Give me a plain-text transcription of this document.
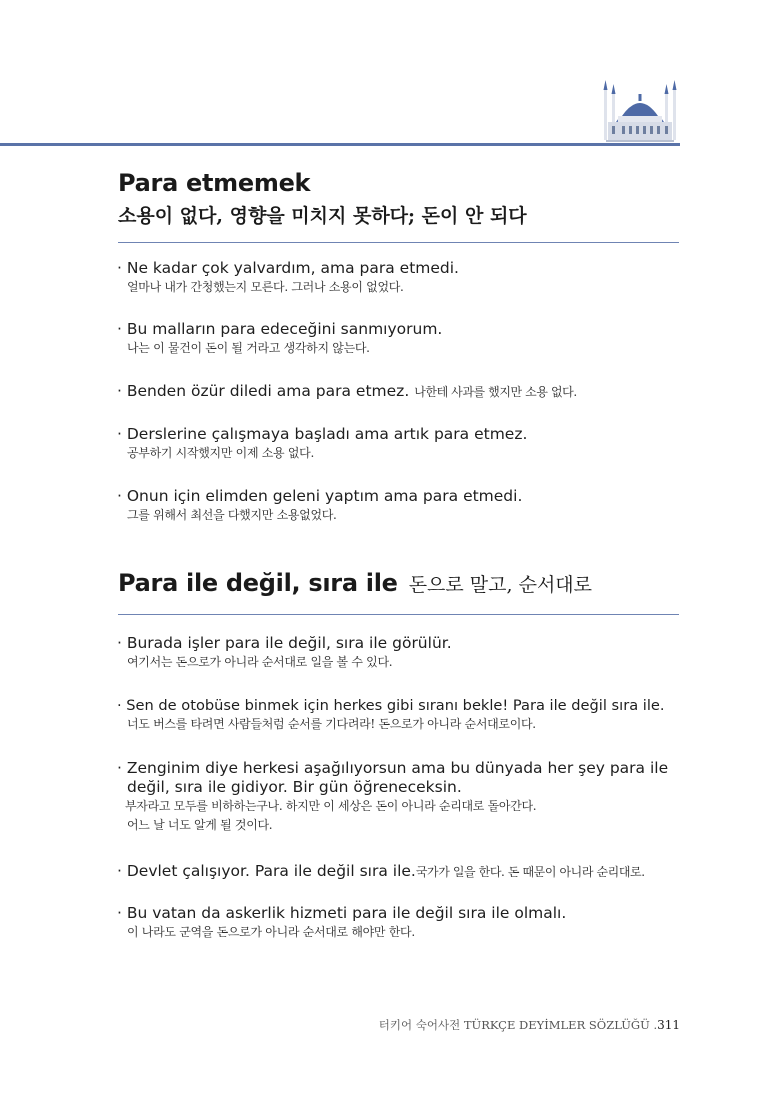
Para etmemek

소용이 없다, 영향을 미치지 못하다; 돈이 안 되다

· Ne kadar çok yalvardım, ama para etmedi.
얼마나 내가 간청했는지 모른다. 그러나 소용이 없었다.
· Bu malların para edeceğini sanmıyorum.
나는 이 물건이 돈이 될 거라고 생각하지 않는다.
· Benden özür diledi ama para etmez. 나한테 사과를 했지만 소용 없다.
· Derslerine çalışmaya başladı ama artık para etmez.
공부하기 시작했지만 이제 소용 없다.
· Onun için elimden geleni yaptım ama para etmedi.
그를 위해서 최선을 다했지만 소용없었다.
Para ile değil, sıra ile 돈으로 말고, 순서대로
· Burada işler para ile değil, sıra ile görülür.
여기서는 돈으로가 아니라 순서대로 일을 볼 수 있다.
· Sen de otobüse binmek için herkes gibi sıranı bekle! Para ile değil sıra ile.
너도 버스를 타려면 사람들처럼 순서를 기다려라! 돈으로가 아니라 순서대로이다.
· Zenginim diye herkesi aşağılıyorsun ama bu dünyada her şey para ile
değil, sıra ile gidiyor. Bir gün öğreneceksin.
부자라고 모두를 비하하는구나. 하지만 이 세상은 돈이 아니라 순리대로 돌아간다.
어느 날 너도 알게 될 것이다.
· Devlet çalışıyor. Para ile değil sıra ile.국가가 일을 한다. 돈 때문이 아니라 순리대로.
· Bu vatan da askerlik hizmeti para ile değil sıra ile olmalı.
이 나라도 군역을 돈으로가 아니라 순서대로 해야만 한다.
터키어 숙어사전 TÜRKÇE DEYİMLER SÖZLÜĞÜ .311
